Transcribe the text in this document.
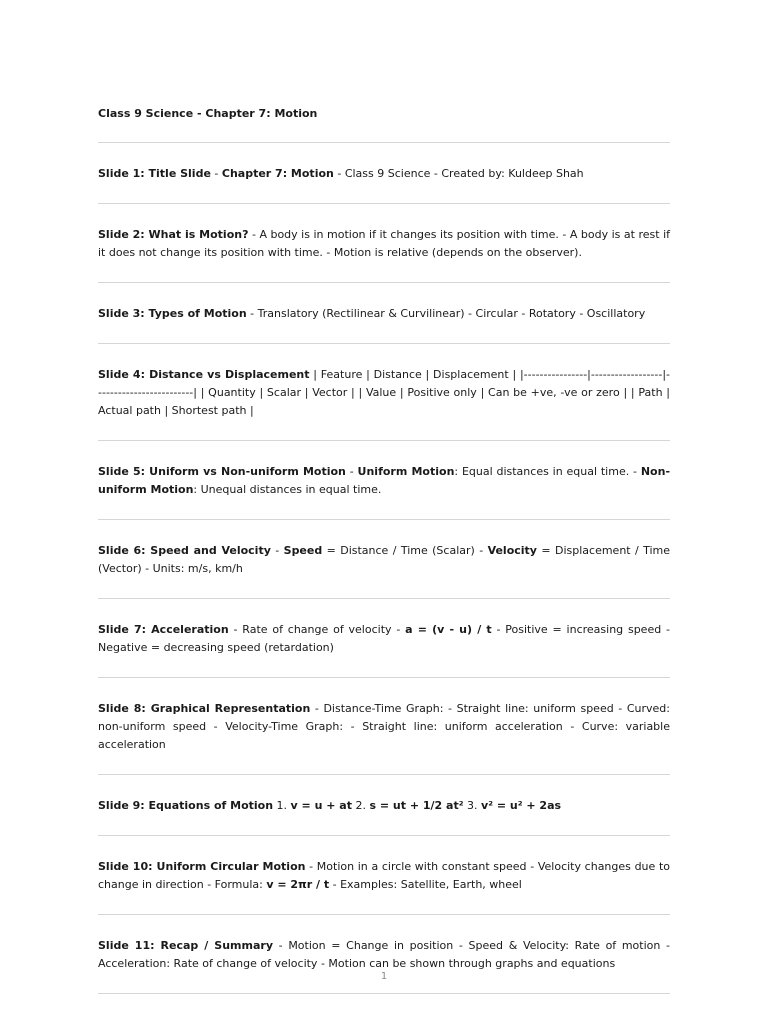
Class 9 Science - Chapter 7: Motion

Slide 1: Title Slide - Chapter 7: Motion - Class 9 Science - Created by: Kuldeep Shah

Slide 2: What is Motion? - A body is in motion if it changes its position with time. - A body is at rest if it does not change its position with time. - Motion is relative (depends on the observer).

Slide 3: Types of Motion - Translatory (Rectilinear & Curvilinear) - Circular - Rotatory - Oscillatory

Slide 4: Distance vs Displacement | Feature | Distance | Displacement | |----------------|------------------|-------------------------| | Quantity | Scalar | Vector | | Value | Positive only | Can be +ve, -ve or zero | | Path | Actual path | Shortest path |

Slide 5: Uniform vs Non-uniform Motion - Uniform Motion: Equal distances in equal time. - Non-uniform Motion: Unequal distances in equal time.

Slide 6: Speed and Velocity - Speed = Distance / Time (Scalar) - Velocity = Displacement / Time (Vector) - Units: m/s, km/h

Slide 7: Acceleration - Rate of change of velocity - a = (v - u) / t - Positive = increasing speed - Negative = decreasing speed (retardation)

Slide 8: Graphical Representation - Distance-Time Graph: - Straight line: uniform speed - Curved: non-uniform speed - Velocity-Time Graph: - Straight line: uniform acceleration - Curve: variable acceleration

Slide 9: Equations of Motion 1. v = u + at 2. s = ut + 1/2 at² 3. v² = u² + 2as

Slide 10: Uniform Circular Motion - Motion in a circle with constant speed - Velocity changes due to change in direction - Formula: v = 2πr / t - Examples: Satellite, Earth, wheel

Slide 11: Recap / Summary - Motion = Change in position - Speed & Velocity: Rate of motion - Acceleration: Rate of change of velocity - Motion can be shown through graphs and equations

1
